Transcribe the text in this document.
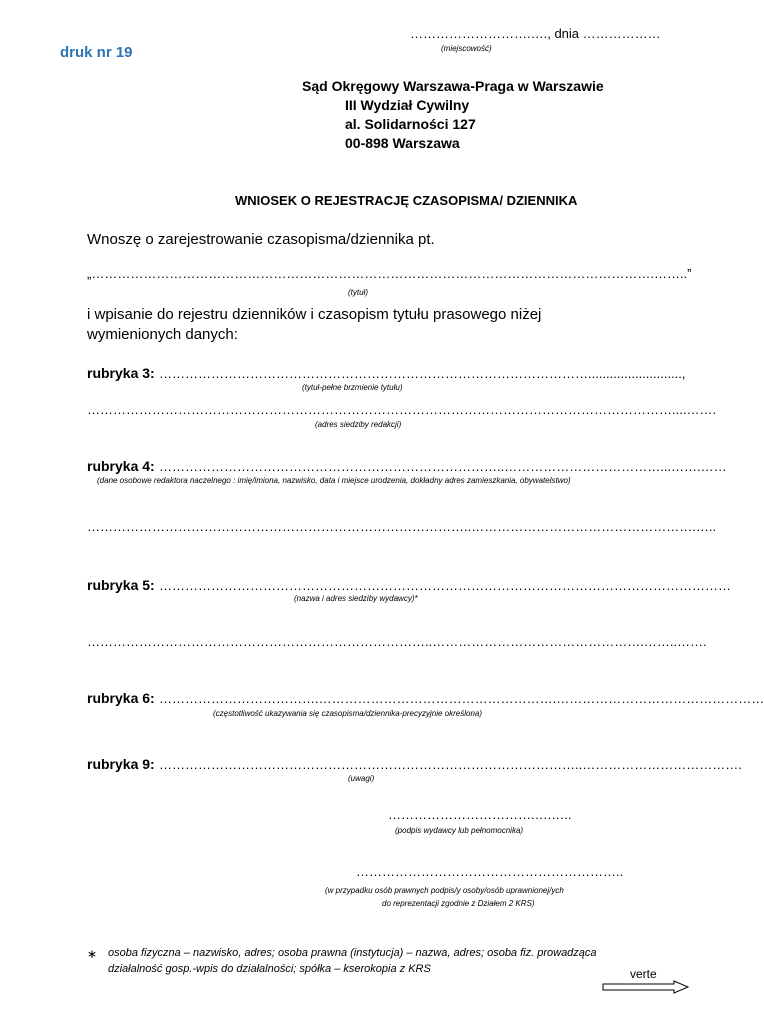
……………………….…., dnia ………………
(miejscowość)
druk nr 19
Sąd Okręgowy Warszawa-Praga w Warszawie
III Wydział Cywilny
al. Solidarności 127
00-898 Warszawa
WNIOSEK O REJESTRACJĘ CZASOPISMA/ DZIENNIKA
Wnoszę o zarejestrowanie czasopisma/dziennika pt.
„………………………………………………………………………………………………………………….……..”
(tytuł)
i wpisanie do rejestru dzienników i czasopism tytułu prasowego niżej wymienionych danych:
rubryka 3: ………………………………………………………………………………………..........................,
(tytuł-pełne brzmienie tytułu)
………………………………………………………………………………………………………………………....…….
(adres siedziby redakcji)
rubryka 4: ……………………………………………………………………..………………………………...…….……
(dane osobowe redaktora naczelnego : imię/imiona, nazwisko, data i miejsce urodzenia, dokładny adres zamieszkania, obywatelstwo)
……………………………………………………………………………..…………………………………………….…..
rubryka 5: ……………………………………………………………………………………………………………………
(nazwa i adres siedziby wydawcy)*
……………………………………………………………………..………………………………………….……..…….
rubryka 6: ……………………………….……………………………………………….…………………………………………
(częstotliwość ukazywania się czasopisma/dziennika-precyzyjnie określona)
rubryka 9: ……………………………………………………………………………………..……………………………….
(uwagi)
…………………………….….…..
(podpis wydawcy lub pełnomocnika)
……………………………………………………..
(w przypadku osób prawnych podpis/y osoby/osób uprawnionej/ych
do reprezentacji zgodnie z Działem 2 KRS)
∗ osoba fizyczna – nazwisko, adres; osoba prawna (instytucja) – nazwa, adres; osoba fiz. prowadząca
działalność gosp.-wpis do działalności; spółka – kserokopia z KRS	verte
